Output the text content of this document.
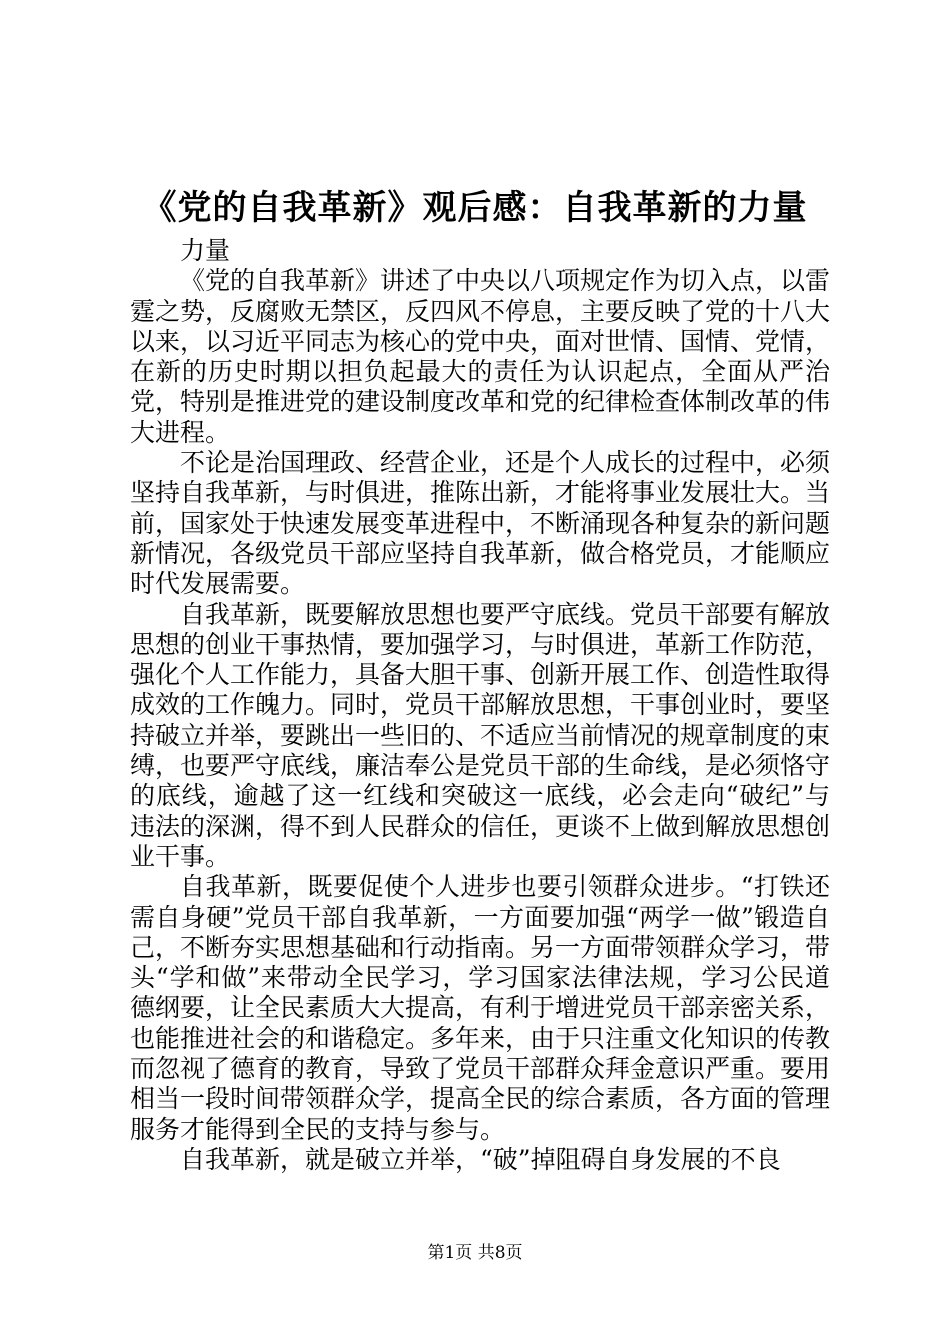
《党的自我革新》观后感：自我革新的力量

力量

《党的自我革新》讲述了中央以八项规定作为切入点，以雷霆之势，反腐败无禁区，反四风不停息，主要反映了党的十八大以来，以习近平同志为核心的党中央，面对世情、国情、党情，在新的历史时期以担负起最大的责任为认识起点，全面从严治党，特别是推进党的建设制度改革和党的纪律检查体制改革的伟大进程。

不论是治国理政、经营企业，还是个人成长的过程中，必须坚持自我革新，与时俱进，推陈出新，才能将事业发展壮大。当前，国家处于快速发展变革进程中，不断涌现各种复杂的新问题新情况，各级党员干部应坚持自我革新，做合格党员，才能顺应时代发展需要。

自我革新，既要解放思想也要严守底线。党员干部要有解放思想的创业干事热情，要加强学习，与时俱进，革新工作防范，强化个人工作能力，具备大胆干事、创新开展工作、创造性取得成效的工作魄力。同时，党员干部解放思想，干事创业时，要坚持破立并举，要跳出一些旧的、不适应当前情况的规章制度的束缚，也要严守底线，廉洁奉公是党员干部的生命线，是必须恪守的底线，逾越了这一红线和突破这一底线，必会走向“破纪”与违法的深渊，得不到人民群众的信任，更谈不上做到解放思想创业干事。

自我革新，既要促使个人进步也要引领群众进步。“打铁还需自身硬”党员干部自我革新，一方面要加强“两学一做”锻造自己，不断夯实思想基础和行动指南。另一方面带领群众学习，带头“学和做”来带动全民学习，学习国家法律法规，学习公民道德纲要，让全民素质大大提高，有利于增进党员干部亲密关系，也能推进社会的和谐稳定。多年来，由于只注重文化知识的传教而忽视了德育的教育，导致了党员干部群众拜金意识严重。要用相当一段时间带领群众学，提高全民的综合素质，各方面的管理服务才能得到全民的支持与参与。

自我革新，就是破立并举，“破”掉阻碍自身发展的不良

第1页 共8页
